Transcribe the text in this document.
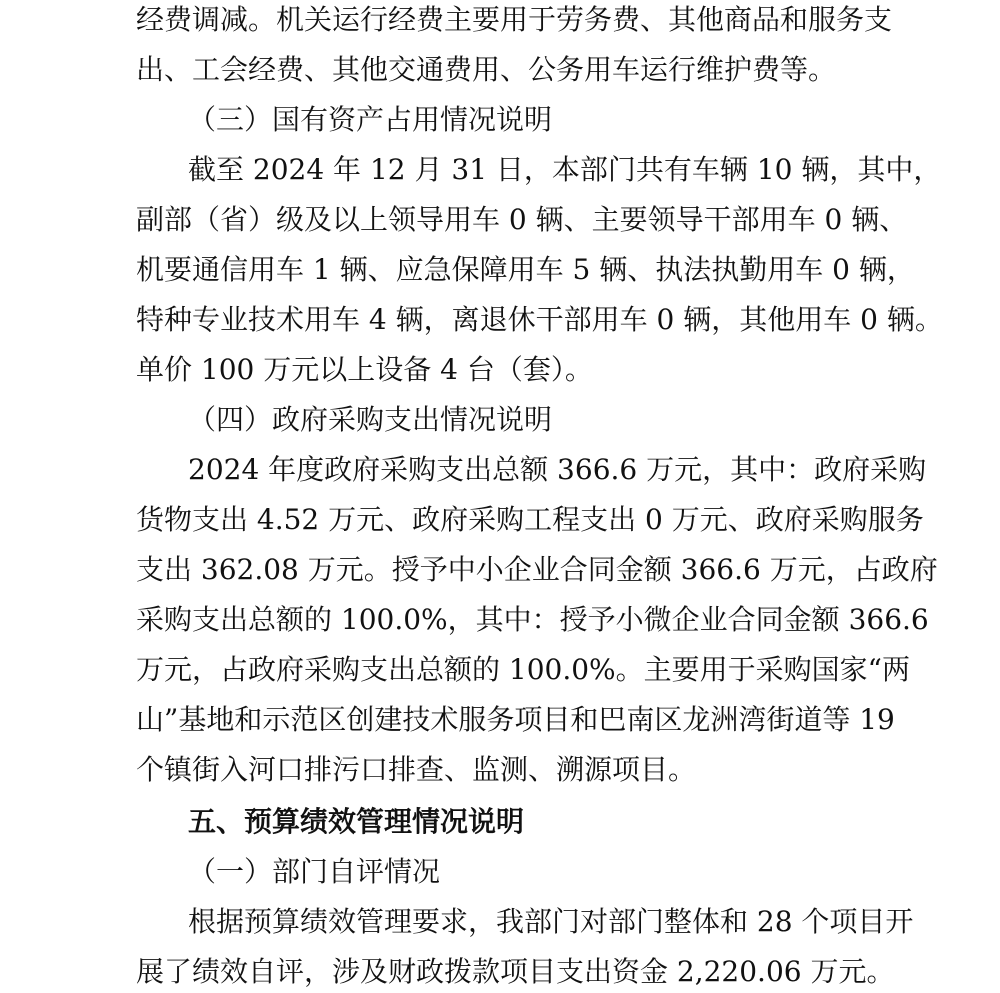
经费调减。机关运行经费主要用于劳务费、其他商品和服务支
出、工会经费、其他交通费用、公务用车运行维护费等。
（三）国有资产占用情况说明
截至 2024 年 12 月 31 日，本部门共有车辆 10 辆，其中，
副部（省）级及以上领导用车 0 辆、主要领导干部用车 0 辆、
机要通信用车 1 辆、应急保障用车 5 辆、执法执勤用车 0 辆，
特种专业技术用车 4 辆，离退休干部用车 0 辆，其他用车 0 辆。
单价 100 万元以上设备 4 台（套）。
（四）政府采购支出情况说明
2024 年度政府采购支出总额 366.6 万元，其中：政府采购
货物支出 4.52 万元、政府采购工程支出 0 万元、政府采购服务
支出 362.08 万元。授予中小企业合同金额 366.6 万元，占政府
采购支出总额的 100.0%，其中：授予小微企业合同金额 366.6
万元，占政府采购支出总额的 100.0%。主要用于采购国家“两
山”基地和示范区创建技术服务项目和巴南区龙洲湾街道等 19
个镇街入河口排污口排查、监测、溯源项目。
五、预算绩效管理情况说明
（一）部门自评情况
根据预算绩效管理要求，我部门对部门整体和 28 个项目开
展了绩效自评，涉及财政拨款项目支出资金 2,220.06 万元。
